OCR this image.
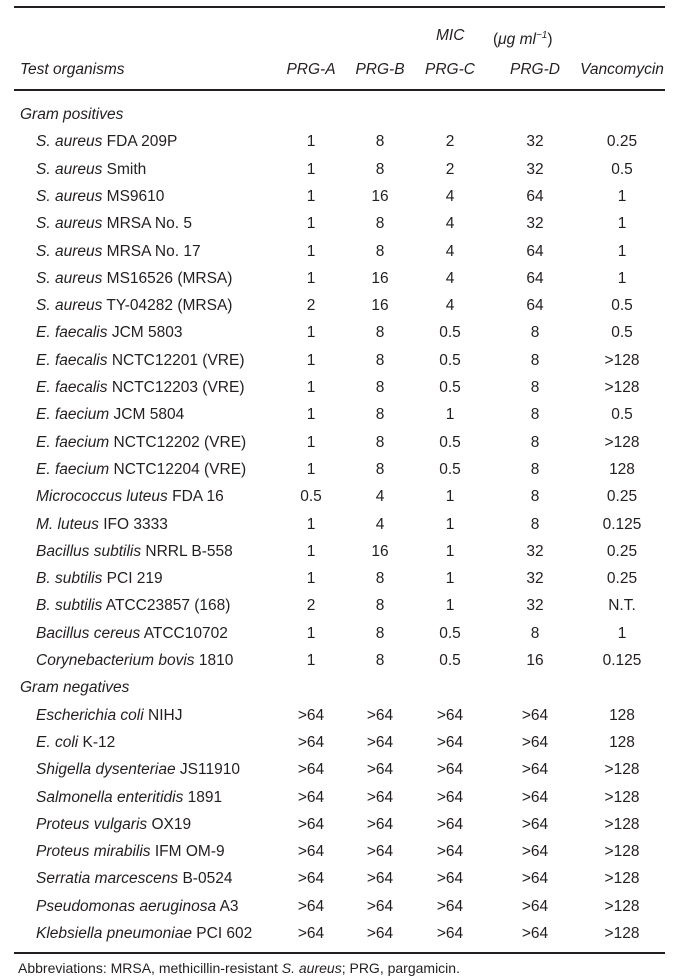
MIC (μg $ml^{-1}$)
Test organisms	PRG-A	PRG-B	PRG-C	PRG-D	Vancomycin
Gram positives
S. aureus FDA 209P	1	8	2	32	0.25
S. aureus Smith	1	8	2	32	0.5
S. aureus MS9610	1	16	4	64	1
S. aureus MRSA No. 5	1	8	4	32	1
S. aureus MRSA No. 17	1	8	4	64	1
S. aureus MS16526 (MRSA)	1	16	4	64	1
S. aureus TY-04282 (MRSA)	2	16	4	64	0.5
E. faecalis JCM 5803	1	8	0.5	8	0.5
E. faecalis NCTC12201 (VRE)	1	8	0.5	8	>128
E. faecalis NCTC12203 (VRE)	1	8	0.5	8	>128
E. faecium JCM 5804	1	8	1	8	0.5
E. faecium NCTC12202 (VRE)	1	8	0.5	8	>128
E. faecium NCTC12204 (VRE)	1	8	0.5	8	128
Micrococcus luteus FDA 16	0.5	4	1	8	0.25
M. luteus IFO 3333	1	4	1	8	0.125
Bacillus subtilis NRRL B-558	1	16	1	32	0.25
B. subtilis PCI 219	1	8	1	32	0.25
B. subtilis ATCC23857 (168)	2	8	1	32	N.T.
Bacillus cereus ATCC10702	1	8	0.5	8	1
Corynebacterium bovis 1810	1	8	0.5	16	0.125
Gram negatives
Escherichia coli NIHJ	>64	>64	>64	>64	128
E. coli K-12	>64	>64	>64	>64	128
Shigella dysenteriae JS11910	>64	>64	>64	>64	>128
Salmonella enteritidis 1891	>64	>64	>64	>64	>128
Proteus vulgaris OX19	>64	>64	>64	>64	>128
Proteus mirabilis IFM OM-9	>64	>64	>64	>64	>128
Serratia marcescens B-0524	>64	>64	>64	>64	>128
Pseudomonas aeruginosa A3	>64	>64	>64	>64	>128
Klebsiella pneumoniae PCI 602	>64	>64	>64	>64	>128
Abbreviations: MRSA, methicillin-resistant S. aureus; PRG, pargamicin.
